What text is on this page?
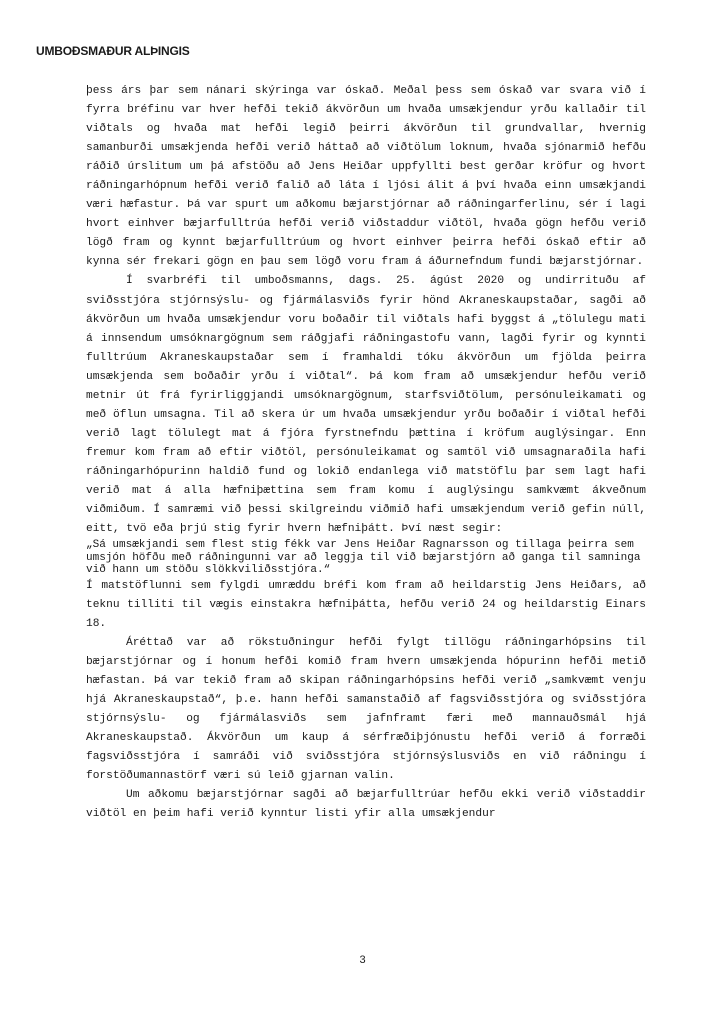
UMBOÐSMAÐUR ALÞINGIS

þess árs þar sem nánari skýringa var óskað. Meðal þess sem óskað var svara við í fyrra bréfinu var hver hefði tekið ákvörðun um hvaða umsækjendur yrðu kallaðir til viðtals og hvaða mat hefði legið þeirri ákvörðun til grundvallar, hvernig samanburði umsækjenda hefði verið háttað að viðtölum loknum, hvaða sjónarmið hefðu ráðið úrslitum um þá afstöðu að Jens Heiðar uppfyllti best gerðar kröfur og hvort ráðningarhópnum hefði verið falið að láta í ljósi álit á því hvaða einn umsækjandi væri hæfastur. Þá var spurt um aðkomu bæjarstjórnar að ráðningarferlinu, sér í lagi hvort einhver bæjarfulltrúa hefði verið viðstaddur viðtöl, hvaða gögn hefðu verið lögð fram og kynnt bæjarfulltrúum og hvort einhver þeirra hefði óskað eftir að kynna sér frekari gögn en þau sem lögð voru fram á áðurnefndum fundi bæjarstjórnar.

Í svarbréfi til umboðsmanns, dags. 25. ágúst 2020 og undirrituðu af sviðsstjóra stjórnsýslu- og fjármálasviðs fyrir hönd Akraneskaupstaðar, sagði að ákvörðun um hvaða umsækjendur voru boðaðir til viðtals hafi byggst á „tölulegu mati á innsendum umsóknargögnum sem ráðgjafi ráðningastofu vann, lagði fyrir og kynnti fulltrúum Akraneskaupstaðar sem í framhaldi tóku ákvörðun um fjölda þeirra umsækjenda sem boðaðir yrðu í viðtal“. Þá kom fram að umsækjendur hefðu verið metnir út frá fyrirliggjandi umsóknargögnum, starfsviðtölum, persónuleikamati og með öflun umsagna. Til að skera úr um hvaða umsækjendur yrðu boðaðir í viðtal hefði verið lagt tölulegt mat á fjóra fyrstnefndu þættina í kröfum auglýsingar. Enn fremur kom fram að eftir viðtöl, persónuleikamat og samtöl við umsagnaraðila hafi ráðningarhópurinn haldið fund og lokið endanlega við matstöflu þar sem lagt hafi verið mat á alla hæfniþættina sem fram komu í auglýsingu samkvæmt ákveðnum viðmiðum. Í samræmi við þessi skilgreindu viðmið hafi umsækjendum verið gefin núll, eitt, tvö eða þrjú stig fyrir hvern hæfniþátt. Því næst segir:

„Sá umsækjandi sem flest stig fékk var Jens Heiðar Ragnarsson og tillaga þeirra sem umsjón höfðu með ráðningunni var að leggja til við bæjarstjórn að ganga til samninga við hann um stöðu slökkviliðsstjóra.“

Í matstöflunni sem fylgdi umræddu bréfi kom fram að heildarstig Jens Heiðars, að teknu tilliti til vægis einstakra hæfniþátta, hefðu verið 24 og heildarstig Einars 18.

Áréttað var að rökstuðningur hefði fylgt tillögu ráðningarhópsins til bæjarstjórnar og í honum hefði komið fram hvern umsækjenda hópurinn hefði metið hæfastan. Þá var tekið fram að skipan ráðningarhópsins hefði verið „samkvæmt venju hjá Akraneskaupstað“, þ.e. hann hefði samanstaðið af fagsviðsstjóra og sviðsstjóra stjórnsýslu- og fjármálasviðs sem jafnframt færi með mannauðsmál hjá Akraneskaupstað. Ákvörðun um kaup á sérfræðiþjónustu hefði verið á forræði fagsviðsstjóra í samráði við sviðsstjóra stjórnsýslusviðs en við ráðningu í forstöðumannastörf væri sú leið gjarnan valin.

Um aðkomu bæjarstjórnar sagði að bæjarfulltrúar hefðu ekki verið viðstaddir viðtöl en þeim hafi verið kynntur listi yfir alla umsækjendur

3
